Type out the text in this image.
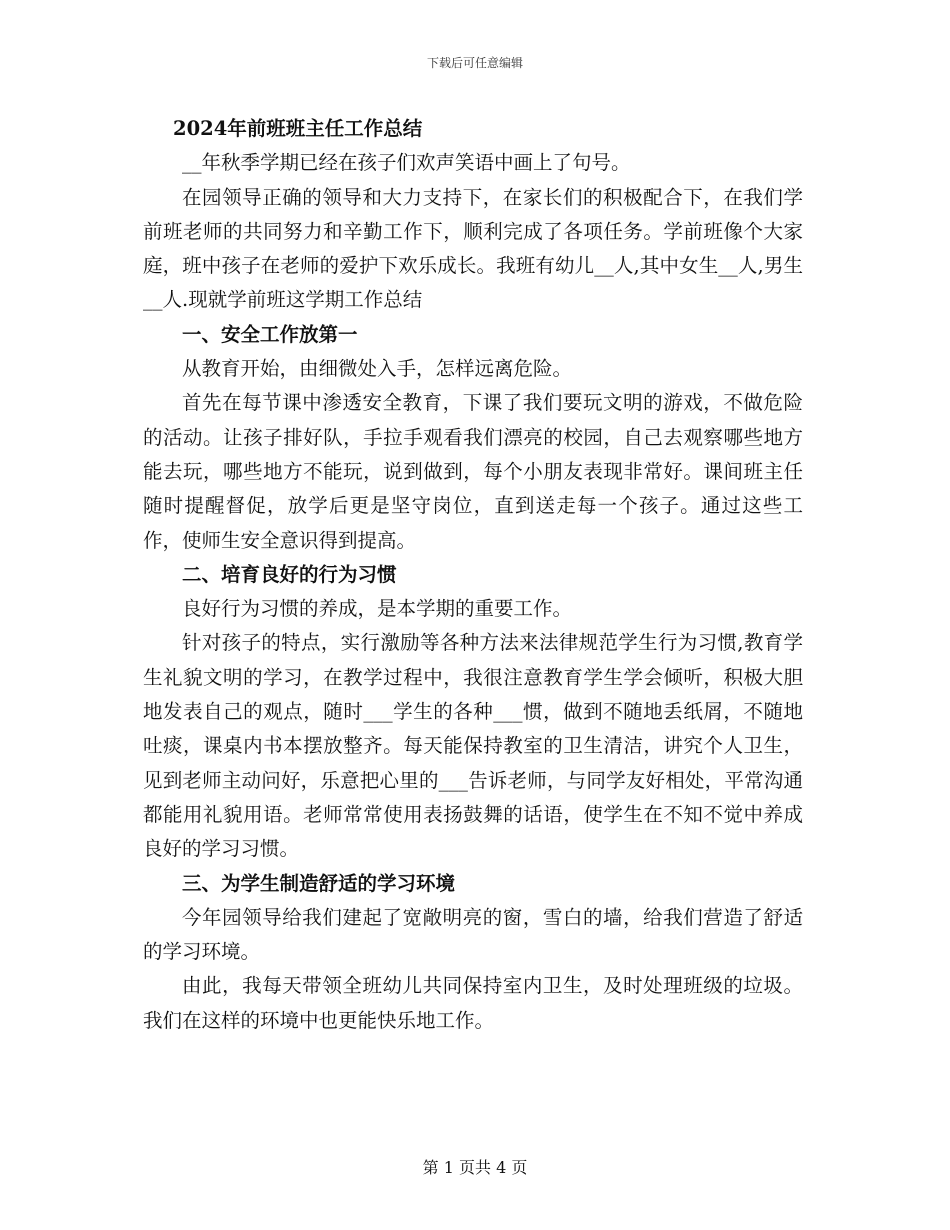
下载后可任意编辑

2024年前班班主任工作总结

__年秋季学期已经在孩子们欢声笑语中画上了句号。

在园领导正确的领导和大力支持下，在家长们的积极配合下，在我们学前班老师的共同努力和辛勤工作下，顺利完成了各项任务。学前班像个大家庭，班中孩子在老师的爱护下欢乐成长。我班有幼儿__人,其中女生__人,男生__人.现就学前班这学期工作总结

一、安全工作放第一

从教育开始，由细微处入手，怎样远离危险。

首先在每节课中渗透安全教育，下课了我们要玩文明的游戏，不做危险的活动。让孩子排好队，手拉手观看我们漂亮的校园，自己去观察哪些地方能去玩，哪些地方不能玩，说到做到，每个小朋友表现非常好。课间班主任随时提醒督促，放学后更是坚守岗位，直到送走每一个孩子。通过这些工作，使师生安全意识得到提高。

二、培育良好的行为习惯

良好行为习惯的养成，是本学期的重要工作。

针对孩子的特点，实行激励等各种方法来法律规范学生行为习惯,教育学生礼貌文明的学习，在教学过程中，我很注意教育学生学会倾听，积极大胆地发表自己的观点，随时___学生的各种___惯，做到不随地丢纸屑，不随地吐痰，课桌内书本摆放整齐。每天能保持教室的卫生清洁，讲究个人卫生，见到老师主动问好，乐意把心里的___告诉老师，与同学友好相处，平常沟通都能用礼貌用语。老师常常使用表扬鼓舞的话语，使学生在不知不觉中养成良好的学习习惯。

三、为学生制造舒适的学习环境

今年园领导给我们建起了宽敞明亮的窗，雪白的墙，给我们营造了舒适的学习环境。

由此，我每天带领全班幼儿共同保持室内卫生，及时处理班级的垃圾。我们在这样的环境中也更能快乐地工作。

第 1 页共 4 页
